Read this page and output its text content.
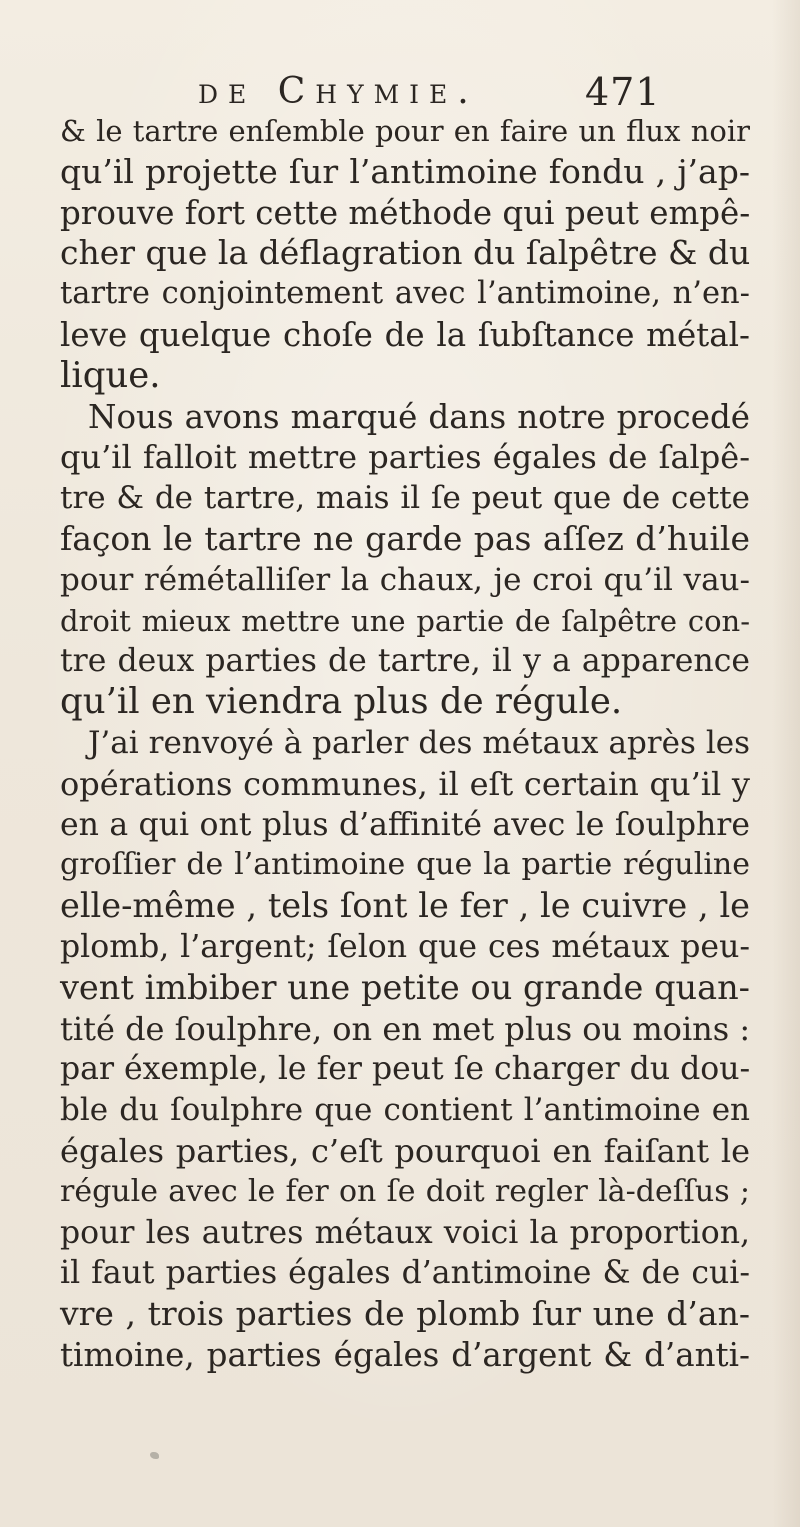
de Chymie.	471
& le tartre enſemble pour en faire un flux noir
qu’il projette ſur l’antimoine fondu , j’ap-
prouve fort cette méthode qui peut empê-
cher que la déflagration du ſalpêtre & du
tartre conjointement avec l’antimoine, n’en-
leve quelque choſe de la ſubſtance métal-
lique.
Nous avons marqué dans notre procedé
qu’il falloit mettre parties égales de ſalpê-
tre & de tartre, mais il ſe peut que de cette
façon le tartre ne garde pas aſſez d’huile
pour rémétalliſer la chaux, je croi qu’il vau-
droit mieux mettre une partie de ſalpêtre con-
tre deux parties de tartre, il y a apparence
qu’il en viendra plus de régule.
J’ai renvoyé à parler des métaux après les
opérations communes, il eſt certain qu’il y
en a qui ont plus d’affinité avec le ſoulphre
groſſier de l’antimoine que la partie réguline
elle-même , tels ſont le fer , le cuivre , le
plomb, l’argent; ſelon que ces métaux peu-
vent imbiber une petite ou grande quan-
tité de ſoulphre, on en met plus ou moins :
par éxemple, le fer peut ſe charger du dou-
ble du ſoulphre que contient l’antimoine en
égales parties, c’eſt pourquoi en faiſant le
régule avec le fer on ſe doit regler là-deſſus ;
pour les autres métaux voici la proportion,
il faut parties égales d’antimoine & de cui-
vre , trois parties de plomb ſur une d’an-
timoine, parties égales d’argent & d’anti-
